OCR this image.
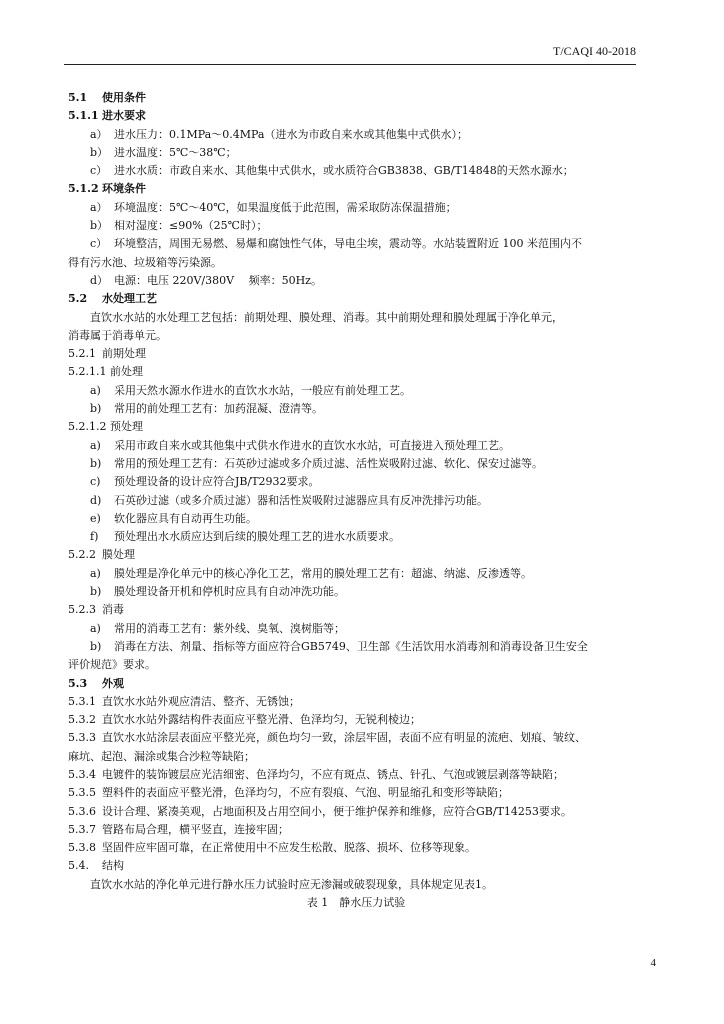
T/CAQI 40-2018
5.1 使用条件
5.1.1 进水要求
a） 进水压力：0.1MPa～0.4MPa（进水为市政自来水或其他集中式供水）；
b） 进水温度：5℃～38℃；
c） 进水水质：市政自来水、其他集中式供水，或水质符合GB3838、GB/T14848的天然水源水；
5.1.2 环境条件
a） 环境温度：5℃～40℃，如果温度低于此范围，需采取防冻保温措施；
b） 相对湿度：≤90%（25℃时）；
c） 环境整洁，周围无易燃、易爆和腐蚀性气体，导电尘埃，震动等。水站装置附近 100 米范围内不
得有污水池、垃圾箱等污染源。
d） 电源：电压 220V/380V　 频率：50Hz。
5.2 水处理工艺
直饮水水站的水处理工艺包括：前期处理、膜处理、消毒。其中前期处理和膜处理属于净化单元，
消毒属于消毒单元。
5.2.1 前期处理
5.2.1.1 前处理
a) 采用天然水源水作进水的直饮水水站，一般应有前处理工艺。
b) 常用的前处理工艺有：加药混凝、澄清等。
5.2.1.2 预处理
a) 采用市政自来水或其他集中式供水作进水的直饮水水站，可直接进入预处理工艺。
b) 常用的预处理工艺有：石英砂过滤或多介质过滤、活性炭吸附过滤、软化、保安过滤等。
c) 预处理设备的设计应符合JB/T2932要求。
d) 石英砂过滤（或多介质过滤）器和活性炭吸附过滤器应具有反冲洗排污功能。
e) 软化器应具有自动再生功能。
f) 预处理出水水质应达到后续的膜处理工艺的进水水质要求。
5.2.2 膜处理
a) 膜处理是净化单元中的核心净化工艺，常用的膜处理工艺有：超滤、纳滤、反渗透等。
b) 膜处理设备开机和停机时应具有自动冲洗功能。
5.2.3 消毒
a) 常用的消毒工艺有：紫外线、臭氧、溴树脂等；
b) 消毒在方法、剂量、指标等方面应符合GB5749、卫生部《生活饮用水消毒剂和消毒设备卫生安全
评价规范》要求。
5.3 外观
5.3.1 直饮水水站外观应清洁、整齐、无锈蚀；
5.3.2 直饮水水站外露结构件表面应平整光滑、色泽均匀，无锐利棱边；
5.3.3 直饮水水站涂层表面应平整光亮，颜色均匀一致，涂层牢固，表面不应有明显的流疤、划痕、皱纹、
麻坑、起泡、漏涂或集合沙粒等缺陷；
5.3.4 电镀件的装饰镀层应光洁细密、色泽均匀，不应有斑点、锈点、针孔、气泡或镀层剥落等缺陷；
5.3.5 塑料件的表面应平整光滑，色泽均匀，不应有裂痕、气泡、明显缩孔和变形等缺陷；
5.3.6 设计合理、紧凑美观，占地面积及占用空间小，便于维护保养和维修，应符合GB/T14253要求。
5.3.7 管路布局合理，横平竖直，连接牢固；
5.3.8 坚固件应牢固可靠，在正常使用中不应发生松散、脱落、损坏、位移等现象。
5.4. 结构
直饮水水站的净化单元进行静水压力试验时应无渗漏或破裂现象，具体规定见表1。
表 1　静水压力试验
4
